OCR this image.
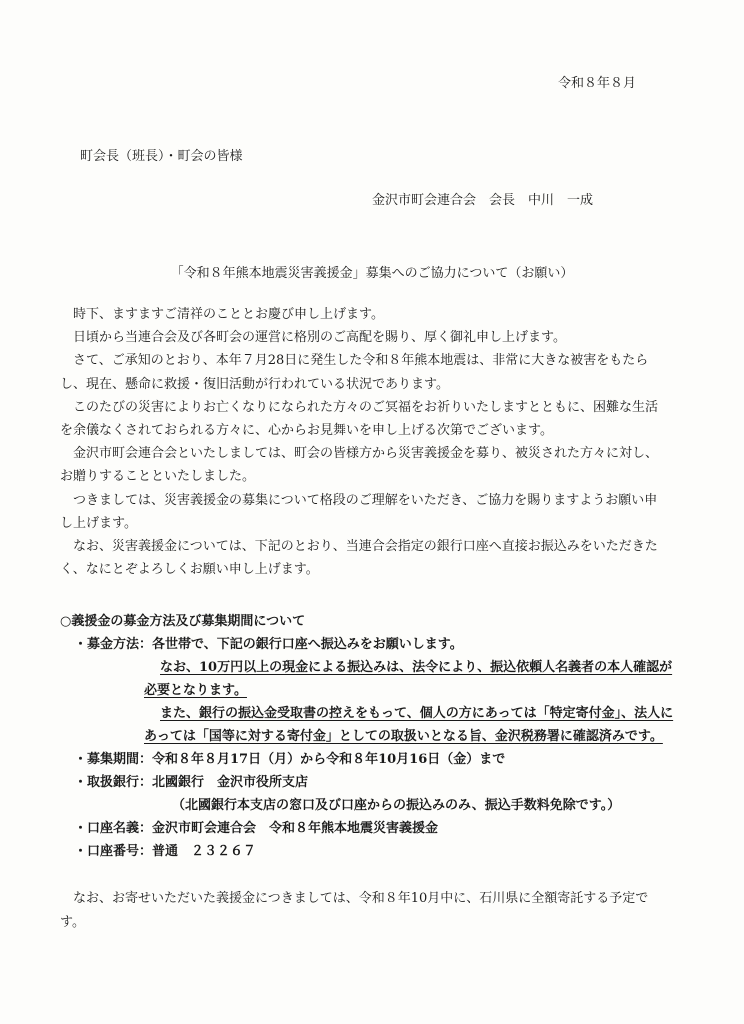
令和８年８月
町会長（班長）・町会の皆様
金沢市町会連合会　会長　中川　一成
「令和８年熊本地震災害義援金」募集へのご協力について（お願い）

時下、ますますご清祥のこととお慶び申し上げます。

日頃から当連合会及び各町会の運営に格別のご高配を賜り、厚く御礼申し上げます。

さて、ご承知のとおり、本年７月28日に発生した令和８年熊本地震は、非常に大きな被害をもたらし、現在、懸命に救援・復旧活動が行われている状況であります。

このたびの災害によりお亡くなりになられた方々のご冥福をお祈りいたしますとともに、困難な生活を余儀なくされておられる方々に、心からお見舞いを申し上げる次第でございます。

金沢市町会連合会といたしましては、町会の皆様方から災害義援金を募り、被災された方々に対し、お贈りすることといたしました。

つきましては、災害義援金の募集について格段のご理解をいただき、ご協力を賜りますようお願い申し上げます。

なお、災害義援金については、下記のとおり、当連合会指定の銀行口座へ直接お振込みをいただきたく、なにとぞよろしくお願い申し上げます。

○義援金の募金方法及び募集期間について
・募金方法：各世帯で、下記の銀行口座へ振込みをお願いします。
なお、10万円以上の現金による振込みは、法令により、振込依頼人名義者の本人確認が
必要となります。
また、銀行の振込金受取書の控えをもって、個人の方にあっては「特定寄付金」、法人に
あっては「国等に対する寄付金」としての取扱いとなる旨、金沢税務署に確認済みです。
・募集期間：令和８年８月17日（月）から令和８年10月16日（金）まで
・取扱銀行：北國銀行　金沢市役所支店
（北國銀行本支店の窓口及び口座からの振込みのみ、振込手数料免除です。）
・口座名義：金沢市町会連合会　令和８年熊本地震災害義援金
・口座番号：普通　２３２６７

なお、お寄せいただいた義援金につきましては、令和８年10月中に、石川県に全額寄託する予定です。
